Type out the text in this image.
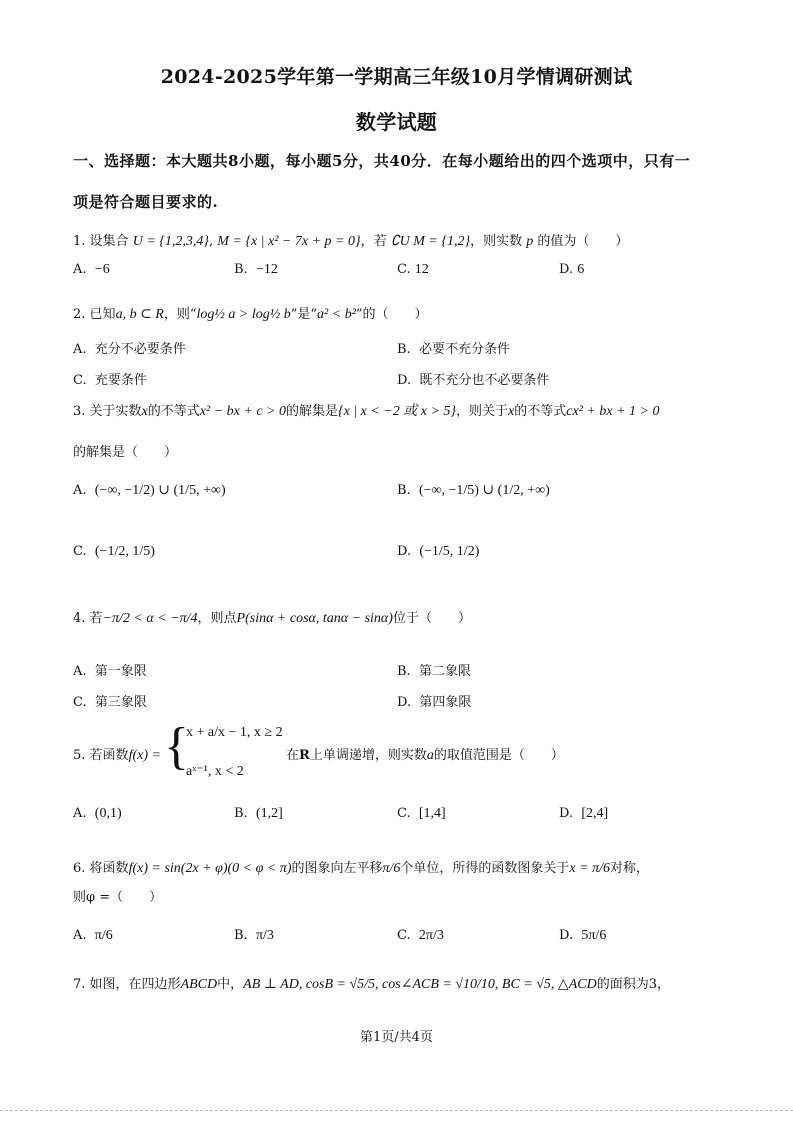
2024-2025学年第一学期高三年级10月学情调研测试
数学试题
一、选择题：本大题共8小题，每小题5分，共40分．在每小题给出的四个选项中，只有一
项是符合题目要求的.
1. 设集合 U = {1,2,3,4}, M = {x | x² − 7x + p = 0}，若 ∁U M = {1,2}，则实数 p 的值为（　　）
A. −6	B. −12	C. 12	D. 6
2. 已知a, b ⊂ R，则“log½ a > log½ b”是“a² < b²”的（　　）
A. 充分不必要条件	B. 必要不充分条件
C. 充要条件	D. 既不充分也不必要条件
3. 关于实数x的不等式x² − bx + c > 0的解集是{x | x < −2 或 x > 5}，则关于x的不等式cx² + bx + 1 > 0
的解集是（　　）
A. (−∞, −1/2) ∪ (1/5, +∞)	B. (−∞, −1/5) ∪ (1/2, +∞)
C. (−1/2, 1/5)	D. (−1/5, 1/2)
4. 若−π/2 < α < −π/4，则点P(sinα + cosα, tanα − sinα)位于（　　）
A. 第一象限	B. 第二象限
C. 第三象限	D. 第四象限
5. 若函数f(x) = {
x + a/x − 1, x ≥ 2
aˣ⁻¹, x < 2
在R上单调递增，则实数a的取值范围是（　　）
A. (0,1)	B. (1,2]	C. [1,4]	D. [2,4]
6. 将函数f(x) = sin(2x + φ)(0 < φ < π)的图象向左平移π/6个单位，所得的函数图象关于x = π/6对称，
则φ =（　　）
A. π/6	B. π/3	C. 2π/3	D. 5π/6
7. 如图，在四边形ABCD中，AB ⊥ AD, cosB = √5/5, cos∠ACB = √10/10, BC = √5, △ACD的面积为3，
第1页/共4页
